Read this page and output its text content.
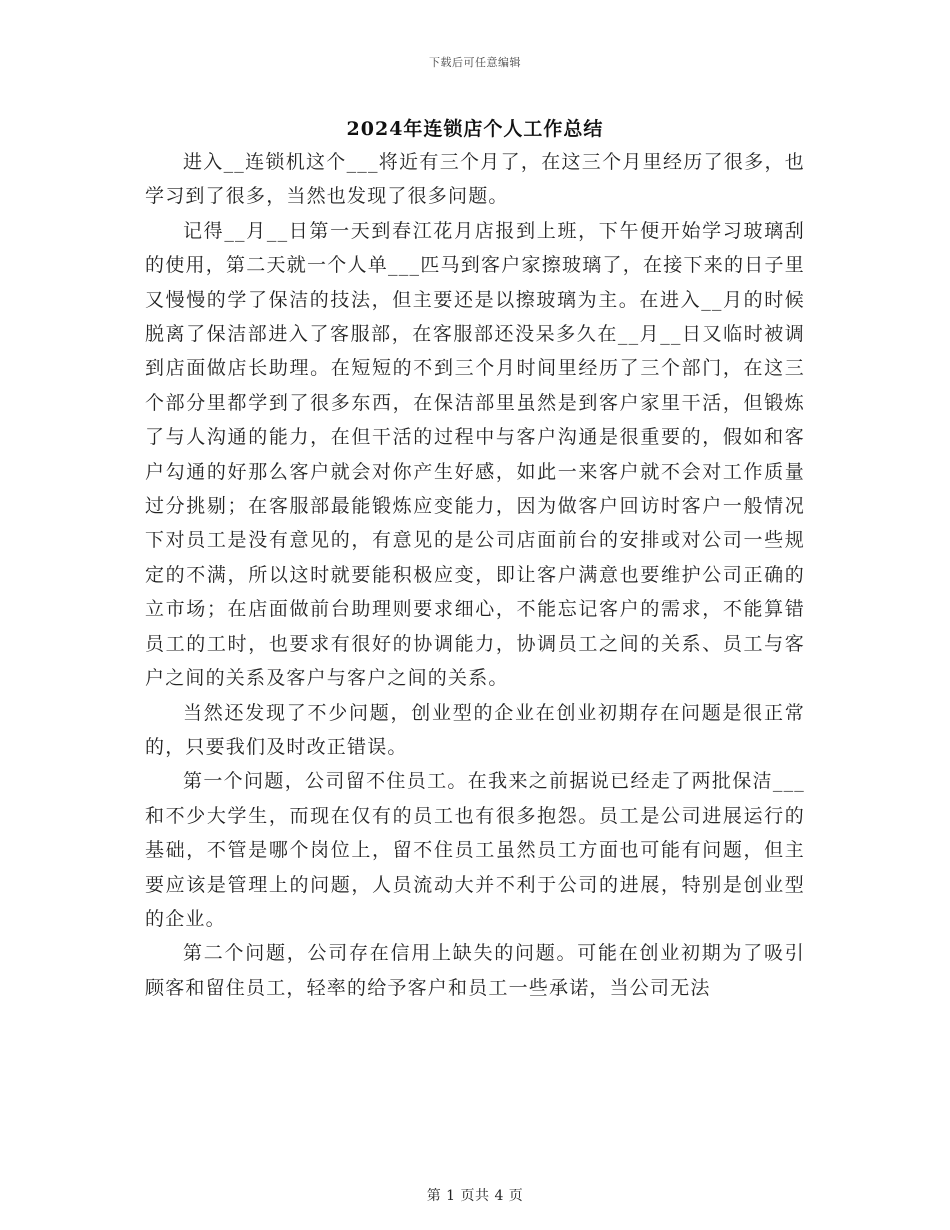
下载后可任意编辑
2024年连锁店个人工作总结

进入__连锁机这个___将近有三个月了，在这三个月里经历了很多，也学习到了很多，当然也发现了很多问题。

记得__月__日第一天到春江花月店报到上班，下午便开始学习玻璃刮的使用，第二天就一个人单___匹马到客户家擦玻璃了，在接下来的日子里又慢慢的学了保洁的技法，但主要还是以擦玻璃为主。在进入__月的时候脱离了保洁部进入了客服部，在客服部还没呆多久在__月__日又临时被调到店面做店长助理。在短短的不到三个月时间里经历了三个部门，在这三个部分里都学到了很多东西，在保洁部里虽然是到客户家里干活，但锻炼了与人沟通的能力，在但干活的过程中与客户沟通是很重要的，假如和客户勾通的好那么客户就会对你产生好感，如此一来客户就不会对工作质量过分挑剔；在客服部最能锻炼应变能力，因为做客户回访时客户一般情况下对员工是没有意见的，有意见的是公司店面前台的安排或对公司一些规定的不满，所以这时就要能积极应变，即让客户满意也要维护公司正确的立市场；在店面做前台助理则要求细心，不能忘记客户的需求，不能算错员工的工时，也要求有很好的协调能力，协调员工之间的关系、员工与客户之间的关系及客户与客户之间的关系。

当然还发现了不少问题，创业型的企业在创业初期存在问题是很正常的，只要我们及时改正错误。

第一个问题，公司留不住员工。在我来之前据说已经走了两批保洁___和不少大学生，而现在仅有的员工也有很多抱怨。员工是公司进展运行的基础，不管是哪个岗位上，留不住员工虽然员工方面也可能有问题，但主要应该是管理上的问题，人员流动大并不利于公司的进展，特别是创业型的企业。

第二个问题，公司存在信用上缺失的问题。可能在创业初期为了吸引顾客和留住员工，轻率的给予客户和员工一些承诺，当公司无法

第 1 页共 4 页
